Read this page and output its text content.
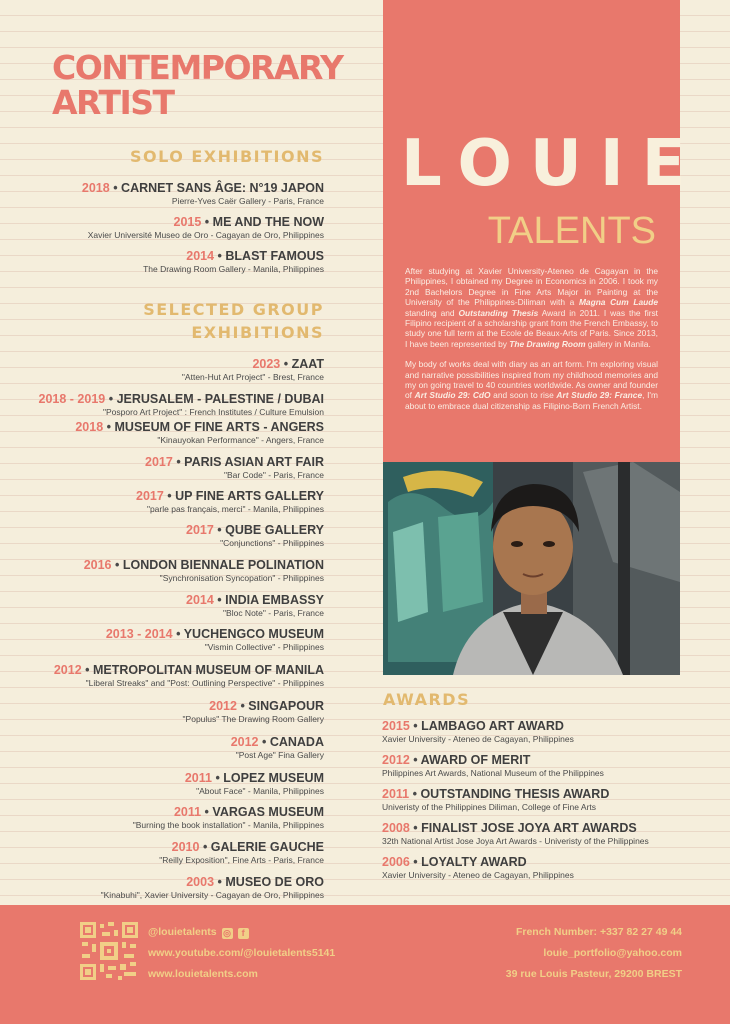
CONTEMPORARY
ARTIST
SOLO EXHIBITIONS
2018 • CARNET SANS ÂGE: N°19 JAPON
Pierre-Yves Caër Gallery - Paris, France
2015 • ME AND THE NOW
Xavier Université Museo de Oro - Cagayan de Oro, Philippines
2014 • BLAST FAMOUS
The Drawing Room Gallery - Manila, Philippines
SELECTED GROUP
EXHIBITIONS
2023 • ZAAT
"Atten-Hut Art Project" - Brest, France
2018 - 2019 • JERUSALEM - PALESTINE / DUBAI
"Posporo Art Project" : French Institutes / Culture Emulsion
2018 • MUSEUM OF FINE ARTS - ANGERS
"Kinauyokan Performance" - Angers, France
2017 • PARIS ASIAN ART FAIR
"Bar Code" - Paris, France
2017 • UP FINE ARTS GALLERY
"parle pas français, merci" - Manila, Philippines
2017 • QUBE GALLERY
"Conjunctions" - Philippines
2016 • LONDON BIENNALE POLINATION
"Synchronisation Syncopation" - Philippines
2014 • INDIA EMBASSY
"Bloc Note" - Paris, France
2013 - 2014 • YUCHENGCO MUSEUM
"Vismin Collective" - Philippines
2012 • METROPOLITAN MUSEUM OF MANILA
"Liberal Streaks" and "Post: Outlining Perspective" - Philippines
2012 • SINGAPOUR
"Populus" The Drawing Room Gallery
2012 • CANADA
"Post Age" Fina Gallery
2011 • LOPEZ MUSEUM
"About Face" - Manila, Philippines
2011 • VARGAS MUSEUM
"Burning the book installation" - Manila, Philippines
2010 • GALERIE GAUCHE
"Reilly Exposition", Fine Arts - Paris, France
2003 • MUSEO DE ORO
"Kinabuhi", Xavier University - Cagayan de Oro, Philippines
LOUIE
TALENTS

After studying at Xavier University-Ateneo de Cagayan in the Philippines, I obtained my Degree in Economics in 2006. I took my 2nd Bachelors Degree in Fine Arts Major in Painting at the University of the Philippines-Diliman with a Magna Cum Laude standing and Outstanding Thesis Award in 2011. I was the first Filipino recipient of a scholarship grant from the French Embassy, to study one full term at the Ecole de Beaux-Arts of Paris. Since 2013, I have been represented by The Drawing Room gallery in Manila.

My body of works deal with diary as an art form. I'm exploring visual and narrative possibilities inspired from my childhood memories and my on going travel to 40 countries worldwide. As owner and founder of Art Studio 29: CdO and soon to rise Art Studio 29: France, I'm about to embrace dual citizenship as Filipino-Born French Artist.

AWARDS
2015 • LAMBAGO ART AWARD
Xavier University - Ateneo de Cagayan, Philippines
2012 • AWARD OF MERIT
Philippines Art Awards, National Museum of the Philippines
2011 • OUTSTANDING THESIS AWARD
Univeristy of the Philippines Diliman, College of Fine Arts
2008 • FINALIST JOSE JOYA ART AWARDS
32th National Artist Jose Joya Art Awards - Univeristy of the Philippines
2006 • LOYALTY AWARD
Xavier University - Ateneo de Cagayan, Philippines
@louietalents ◎ f
www.youtube.com/@louietalents5141
www.louietalents.com
French Number: +337 82 27 49 44
louie_portfolio@yahoo.com
39 rue Louis Pasteur, 29200 BREST
